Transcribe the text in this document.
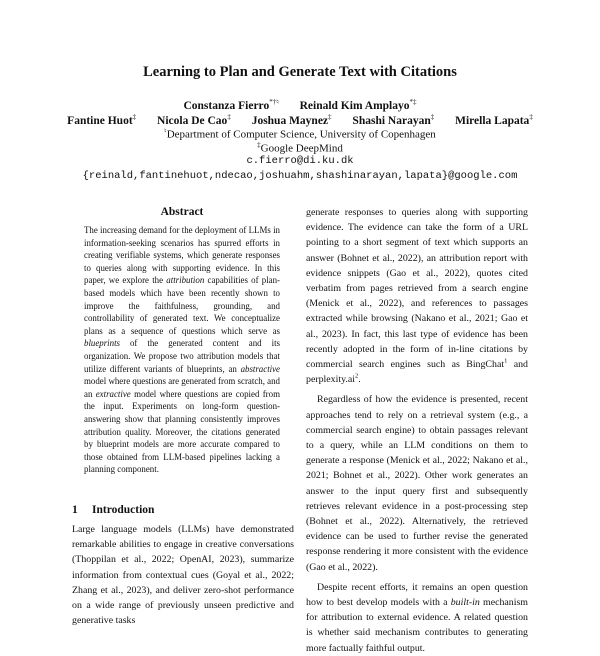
Learning to Plan and Generate Text with Citations
Constanza Fierro*†♮ Reinald Kim Amplayo*‡
Fantine Huot‡ Nicola De Cao‡ Joshua Maynez‡ Shashi Narayan‡ Mirella Lapata‡
♮Department of Computer Science, University of Copenhagen
‡Google DeepMind
c.fierro@di.ku.dk
{reinald,fantinehuot,ndecao,joshuahm,shashinarayan,lapata}@google.com
Abstract
The increasing demand for the deployment of LLMs in information-seeking scenarios has spurred efforts in creating verifiable systems, which generate responses to queries along with supporting evidence. In this paper, we explore the attribution capabilities of plan-based models which have been recently shown to improve the faithfulness, grounding, and controllability of generated text. We conceptualize plans as a sequence of questions which serve as blueprints of the generated content and its organization. We propose two attribution models that utilize different variants of blueprints, an abstractive model where questions are generated from scratch, and an extractive model where questions are copied from the input. Experiments on long-form question-answering show that planning consistently improves attribution quality. Moreover, the citations generated by blueprint models are more accurate compared to those obtained from LLM-based pipelines lacking a planning component.
1 Introduction
Large language models (LLMs) have demonstrated remarkable abilities to engage in creative conversations (Thoppilan et al., 2022; OpenAI, 2023), summarize information from contextual cues (Goyal et al., 2022; Zhang et al., 2023), and deliver zero-shot performance on a wide range of previously unseen predictive and generative tasks

generate responses to queries along with supporting evidence. The evidence can take the form of a URL pointing to a short segment of text which supports an answer (Bohnet et al., 2022), an attribution report with evidence snippets (Gao et al., 2022), quotes cited verbatim from pages retrieved from a search engine (Menick et al., 2022), and references to passages extracted while browsing (Nakano et al., 2021; Gao et al., 2023). In fact, this last type of evidence has been recently adopted in the form of in-line citations by commercial search engines such as BingChat$^1$ and $perplexity.ai^2$.

Regardless of how the evidence is presented, recent approaches tend to rely on a retrieval system (e.g., a commercial search engine) to obtain passages relevant to a query, while an LLM conditions on them to generate a response (Menick et al., 2022; Nakano et al., 2021; Bohnet et al., 2022). Other work generates an answer to the input query first and subsequently retrieves relevant evidence in a post-processing step (Bohnet et al., 2022). Alternatively, the retrieved evidence can be used to further revise the generated response rendering it more consistent with the evidence (Gao et al., 2022).

Despite recent efforts, it remains an open question how to best develop models with a built-in mechanism for attribution to external evidence. A related question is whether said mechanism contributes to generating more factually faithful output.
